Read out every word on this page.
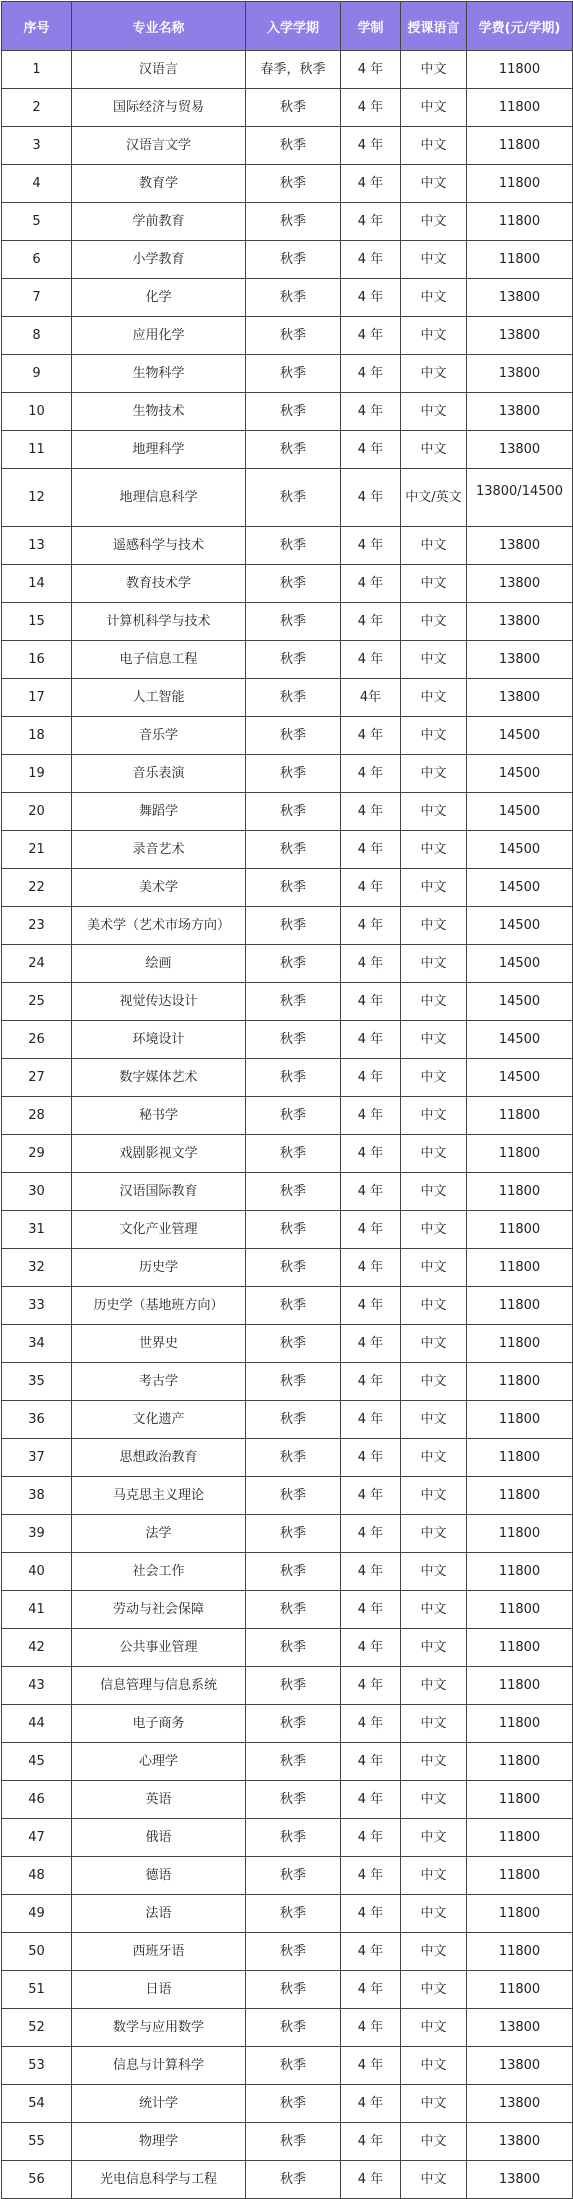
序号	专业名称	入学学期	学制	授课语言	学费(元/学期)
1	汉语言	春季，秋季	4 年	中文	11800
2	国际经济与贸易	秋季	4 年	中文	11800
3	汉语言文学	秋季	4 年	中文	11800
4	教育学	秋季	4 年	中文	11800
5	学前教育	秋季	4 年	中文	11800
6	小学教育	秋季	4 年	中文	11800
7	化学	秋季	4 年	中文	13800
8	应用化学	秋季	4 年	中文	13800
9	生物科学	秋季	4 年	中文	13800
10	生物技术	秋季	4 年	中文	13800
11	地理科学	秋季	4 年	中文	13800
12	地理信息科学	秋季	4 年	中文/英文	13800/14500
13	遥感科学与技术	秋季	4 年	中文	13800
14	教育技术学	秋季	4 年	中文	13800
15	计算机科学与技术	秋季	4 年	中文	13800
16	电子信息工程	秋季	4 年	中文	13800
17	人工智能	秋季	4年	中文	13800
18	音乐学	秋季	4 年	中文	14500
19	音乐表演	秋季	4 年	中文	14500
20	舞蹈学	秋季	4 年	中文	14500
21	录音艺术	秋季	4 年	中文	14500
22	美术学	秋季	4 年	中文	14500
23	美术学（艺术市场方向）	秋季	4 年	中文	14500
24	绘画	秋季	4 年	中文	14500
25	视觉传达设计	秋季	4 年	中文	14500
26	环境设计	秋季	4 年	中文	14500
27	数字媒体艺术	秋季	4 年	中文	14500
28	秘书学	秋季	4 年	中文	11800
29	戏剧影视文学	秋季	4 年	中文	11800
30	汉语国际教育	秋季	4 年	中文	11800
31	文化产业管理	秋季	4 年	中文	11800
32	历史学	秋季	4 年	中文	11800
33	历史学（基地班方向）	秋季	4 年	中文	11800
34	世界史	秋季	4 年	中文	11800
35	考古学	秋季	4 年	中文	11800
36	文化遗产	秋季	4 年	中文	11800
37	思想政治教育	秋季	4 年	中文	11800
38	马克思主义理论	秋季	4 年	中文	11800
39	法学	秋季	4 年	中文	11800
40	社会工作	秋季	4 年	中文	11800
41	劳动与社会保障	秋季	4 年	中文	11800
42	公共事业管理	秋季	4 年	中文	11800
43	信息管理与信息系统	秋季	4 年	中文	11800
44	电子商务	秋季	4 年	中文	11800
45	心理学	秋季	4 年	中文	11800
46	英语	秋季	4 年	中文	11800
47	俄语	秋季	4 年	中文	11800
48	德语	秋季	4 年	中文	11800
49	法语	秋季	4 年	中文	11800
50	西班牙语	秋季	4 年	中文	11800
51	日语	秋季	4 年	中文	11800
52	数学与应用数学	秋季	4 年	中文	13800
53	信息与计算科学	秋季	4 年	中文	13800
54	统计学	秋季	4 年	中文	13800
55	物理学	秋季	4 年	中文	13800
56	光电信息科学与工程	秋季	4 年	中文	13800
